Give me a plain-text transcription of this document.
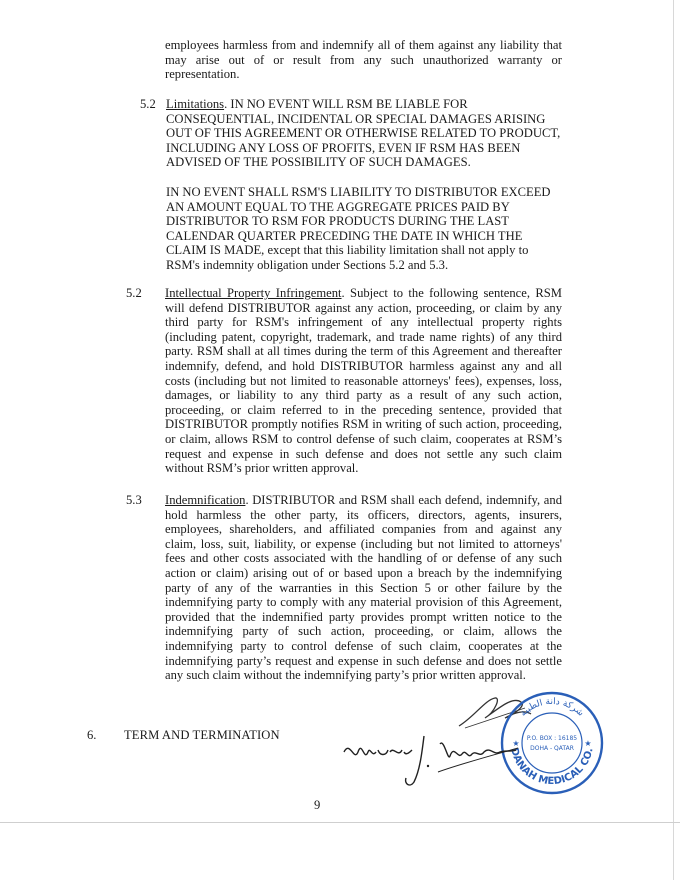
employees harmless from and indemnify all of them against any liability that may arise out of or result from any such unauthorized warranty or representation.

5.2 Limitations. IN NO EVENT WILL RSM BE LIABLE FOR CONSEQUENTIAL, INCIDENTAL OR SPECIAL DAMAGES ARISING OUT OF THIS AGREEMENT OR OTHERWISE RELATED TO PRODUCT, INCLUDING ANY LOSS OF PROFITS, EVEN IF RSM HAS BEEN ADVISED OF THE POSSIBILITY OF SUCH DAMAGES.

IN NO EVENT SHALL RSM'S LIABILITY TO DISTRIBUTOR EXCEED AN AMOUNT EQUAL TO THE AGGREGATE PRICES PAID BY DISTRIBUTOR TO RSM FOR PRODUCTS DURING THE LAST CALENDAR QUARTER PRECEDING THE DATE IN WHICH THE CLAIM IS MADE, except that this liability limitation shall not apply to RSM's indemnity obligation under Sections 5.2 and 5.3.

5.2 Intellectual Property Infringement. Subject to the following sentence, RSM will defend DISTRIBUTOR against any action, proceeding, or claim by any third party for RSM's infringement of any intellectual property rights (including patent, copyright, trademark, and trade name rights) of any third party. RSM shall at all times during the term of this Agreement and thereafter indemnify, defend, and hold DISTRIBUTOR harmless against any and all costs (including but not limited to reasonable attorneys' fees), expenses, loss, damages, or liability to any third party as a result of any such action, proceeding, or claim referred to in the preceding sentence, provided that DISTRIBUTOR promptly notifies RSM in writing of such action, proceeding, or claim, allows RSM to control defense of such claim, cooperates at RSM’s request and expense in such defense and does not settle any such claim without RSM’s prior written approval.

5.3 Indemnification. DISTRIBUTOR and RSM shall each defend, indemnify, and hold harmless the other party, its officers, directors, agents, insurers, employees, shareholders, and affiliated companies from and against any claim, loss, suit, liability, or expense (including but not limited to attorneys' fees and other costs associated with the handling of or defense of any such action or claim) arising out of or based upon a breach by the indemnifying party of any of the warranties in this Section 5 or other failure by the indemnifying party to comply with any material provision of this Agreement, provided that the indemnified party provides prompt written notice to the indemnifying party of such action, proceeding, or claim, allows the indemnifying party to control defense of such claim, cooperates at the indemnifying party’s request and expense in such defense and does not settle any such claim without the indemnifying party’s prior written approval.

6. TERM AND TERMINATION

DANAH MEDICAL CO.
شركة دانة الطبية
P.O. BOX : 16185
DOHA - QATAR
★	★

9
